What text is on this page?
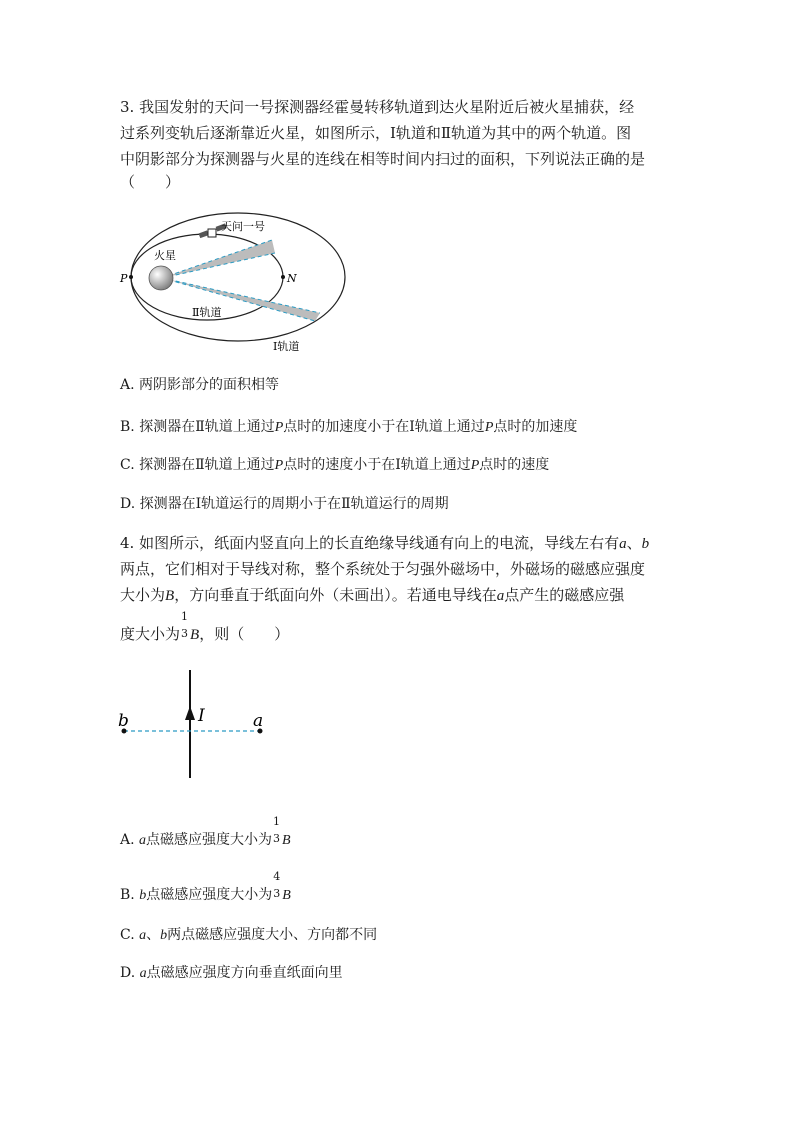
3. 我国发射的天问一号探测器经霍曼转移轨道到达火星附近后被火星捕获，经
过系列变轨后逐渐靠近火星，如图所示，Ⅰ轨道和Ⅱ轨道为其中的两个轨道。图
中阴影部分为探测器与火星的连线在相等时间内扫过的面积，下列说法正确的是
（　　）
火星
P	N
天问一号
Ⅱ轨道
Ⅰ轨道
A. 两阴影部分的面积相等
B. 探测器在Ⅱ轨道上通过P点时的加速度小于在Ⅰ轨道上通过P点时的加速度
C. 探测器在Ⅱ轨道上通过P点时的速度小于在Ⅰ轨道上通过P点时的速度
D. 探测器在Ⅰ轨道运行的周期小于在Ⅱ轨道运行的周期
4. 如图所示，纸面内竖直向上的长直绝缘导线通有向上的电流，导线左右有a、b
两点，它们相对于导线对称，整个系统处于匀强外磁场中，外磁场的磁感应强度
大小为B，方向垂直于纸面向外（未画出）。若通电导线在a点产生的磁感应强
度大小为
1
3 B，则（　　）
I
b	a
A. a点磁感应强度大小为
1
3 B
B. b点磁感应强度大小为
4
3 B
C. a、b两点磁感应强度大小、方向都不同
D. a点磁感应强度方向垂直纸面向里
